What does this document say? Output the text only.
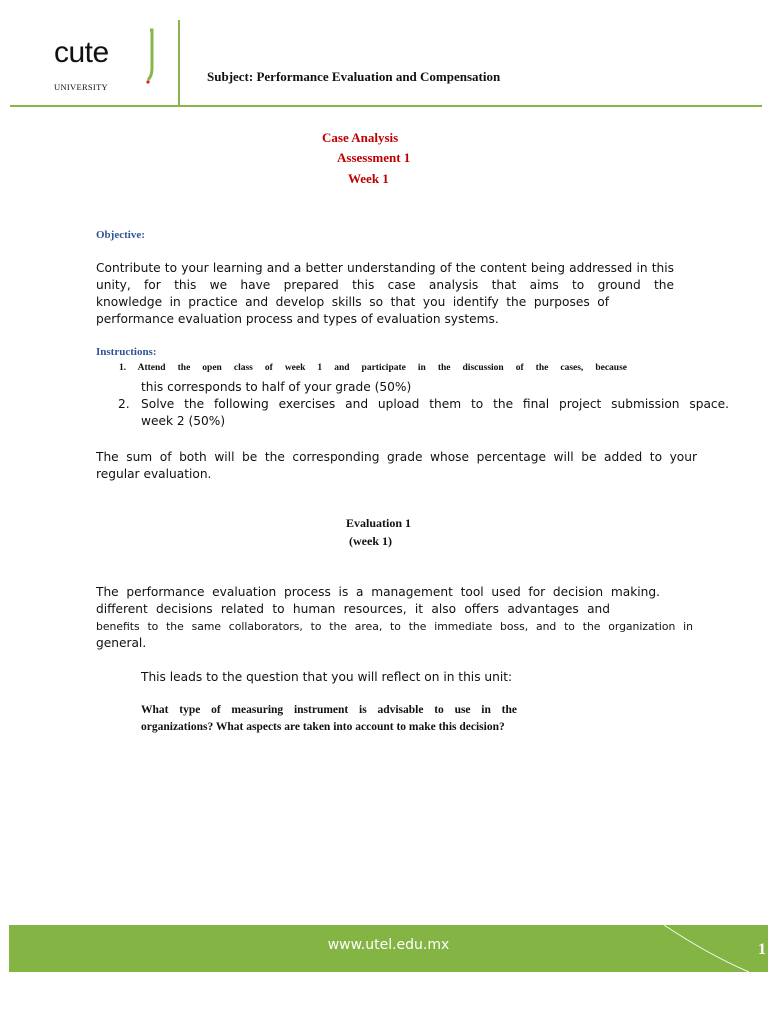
cute
UNIVERSITY
Subject: Performance Evaluation and Compensation
Case Analysis
Assessment 1
Week 1
Objective:
Contribute to your learning and a better understanding of the content being addressed in this
unity, for this we have prepared this case analysis that aims to ground the
knowledge in practice and develop skills so that you identify the purposes of
performance evaluation process and types of evaluation systems.
Instructions:
1. Attend the open class of week 1 and participate in the discussion of the cases, because
this corresponds to half of your grade (50%)
2. Solve the following exercises and upload them to the final project submission space.
week 2 (50%)
The sum of both will be the corresponding grade whose percentage will be added to your
regular evaluation.
Evaluation 1
(week 1)
The performance evaluation process is a management tool used for decision making.
different decisions related to human resources, it also offers advantages and
benefits to the same collaborators, to the area, to the immediate boss, and to the organization in
general.
This leads to the question that you will reflect on in this unit:
What type of measuring instrument is advisable to use in the
organizations? What aspects are taken into account to make this decision?
www.utel.edu.mx	1
